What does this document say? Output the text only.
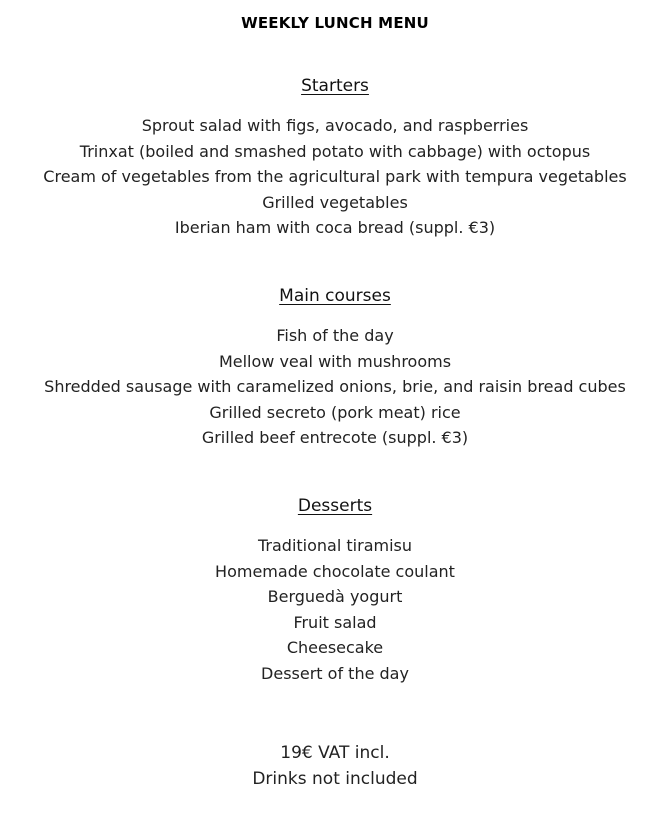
WEEKLY LUNCH MENU
Starters
Sprout salad with figs, avocado, and raspberries
Trinxat (boiled and smashed potato with cabbage) with octopus
Cream of vegetables from the agricultural park with tempura vegetables
Grilled vegetables
Iberian ham with coca bread (suppl. €3)
Main courses
Fish of the day
Mellow veal with mushrooms
Shredded sausage with caramelized onions, brie, and raisin bread cubes
Grilled secreto (pork meat) rice
Grilled beef entrecote (suppl. €3)
Desserts
Traditional tiramisu
Homemade chocolate coulant
Berguedà yogurt
Fruit salad
Cheesecake
Dessert of the day
19€ VAT incl.
Drinks not included
